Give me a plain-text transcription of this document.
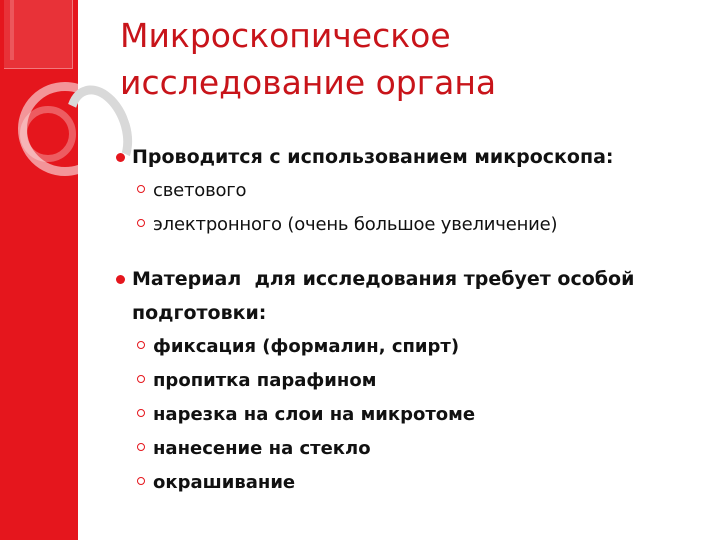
Микроскопическое
исследование органа
Проводится с использованием микроскопа:
светового
электронного (очень большое увеличение)
Материал  для исследования требует особой
подготовки:
фиксация (формалин, спирт)
пропитка парафином
нарезка на слои на микротоме
нанесение на стекло
окрашивание
